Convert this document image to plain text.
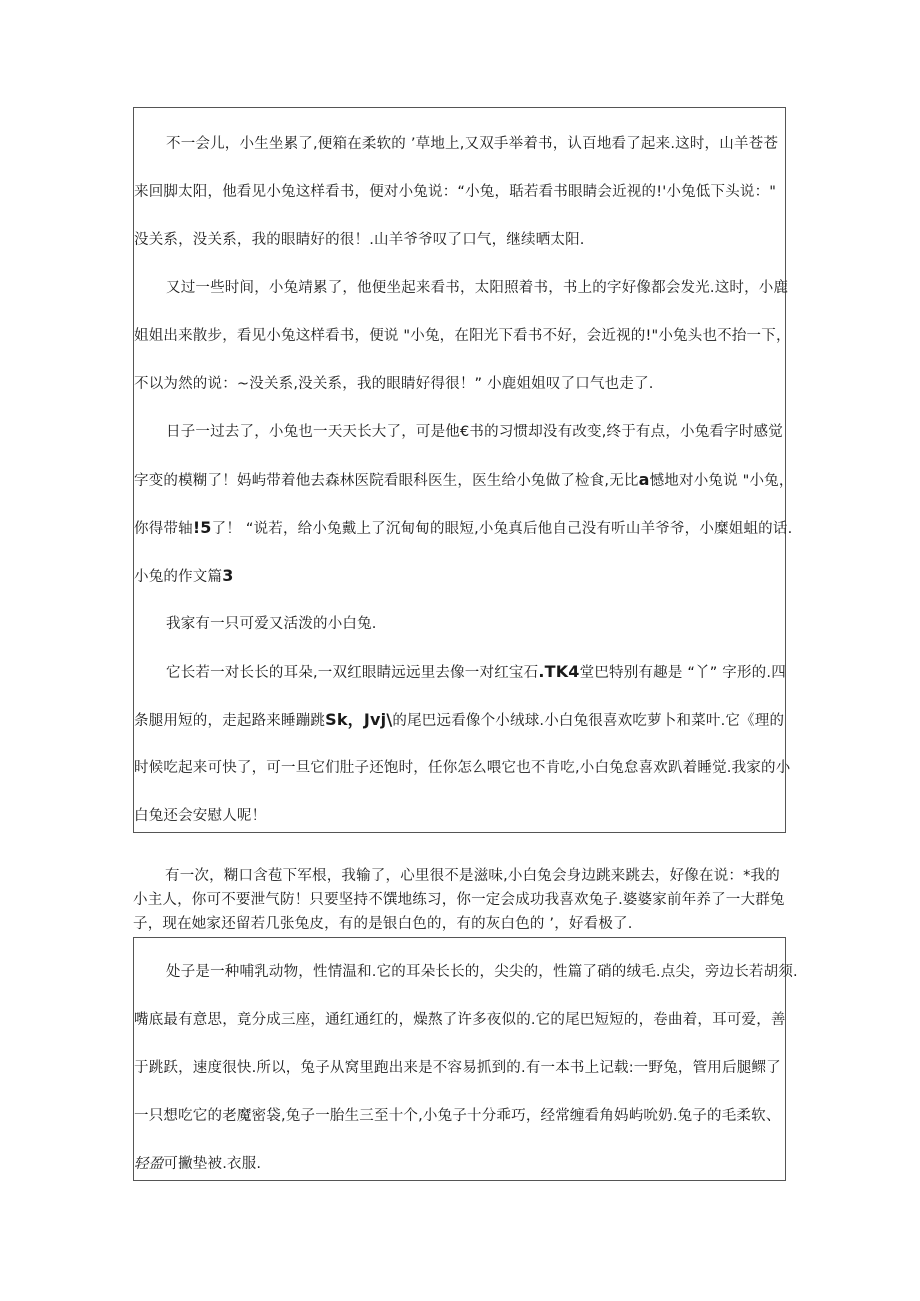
不一会儿，小生坐累了,便箱在柔软的 ’草地上,又双手举着书，认百地看了起来.这时，山羊苍苍
来回脚太阳，他看见小兔这样看书，便对小兔说：“小兔，聒若看书眼睛会近视的!'小兔低下头说："
没关系，没关系，我的眼睛好的很！.山羊爷爷叹了口气，继续晒太阳.
又过一些时间，小兔靖累了，他便坐起来看书，太阳照着书，书上的字好像都会发光.这时，小鹿
姐姐出来散步，看见小兔这样看书，便说 "小兔，在阳光下看书不好，会近视的!"小兔头也不抬一下，
不以为然的说：~没关系,没关系，我的眼睛好得很！” 小鹿姐姐叹了口气也走了.
日子一过去了，小兔也一天天长大了，可是他€书的习惯却没有改变,终于有点，小兔看字时感觉
字变的模糊了！妈屿带着他去森林医院看眼科医生，医生给小兔做了检食,无比a憾地对小兔说 "小兔，
你得带轴!5了！ “说若，给小兔戴上了沉甸甸的眼短,小兔真后他自己没有听山羊爷爷，小糜姐蛆的话.
小兔的作文篇3
我家有一只可爱又活泼的小白兔.
它长若一对长长的耳朵,一双红眼睛远远里去像一对红宝石.TK4堂巴特别有趣是 “丫” 字形的.四
条腿用短的，走起路来睡蹦跳Sk，Jvj\的尾巴远看像个小绒球.小白兔很喜欢吃萝卜和菜叶.它《理的
时候吃起来可快了，可一旦它们肚子还饱时，任你怎么喂它也不肯吃,小白兔怠喜欢趴着睡觉.我家的小
白兔还会安慰人呢！
有一次，糊口含苞下军根，我输了，心里很不是滋味,小白兔会身边跳来跳去，好像在说：*我的
小主人，你可不要泄气防！只要坚持不馔地练习，你一定会成功我喜欢兔子.婆婆家前年养了一大群兔
子，现在她家还留若几张兔皮，有的是银白色的，有的灰白色的 ’，好看极了.
处子是一种哺乳动物，性情温和.它的耳朵长长的，尖尖的，性篇了硝的绒毛.点尖，旁边长若胡须.
嘴底最有意思，竟分成三座，通红通红的，燥熬了许多夜似的.它的尾巴短短的，卷曲着，耳可爱，善
于跳跃，速度很快.所以，兔子从窝里跑出来是不容易抓到的.有一本书上记载:一野兔，管用后腿鳏了
一只想吃它的老魔密袋,兔子一胎生三至十个,小兔子十分乖巧，经常缠看角妈屿吮奶.兔子的毛柔软、
轻盈可撇垫被.衣服.
